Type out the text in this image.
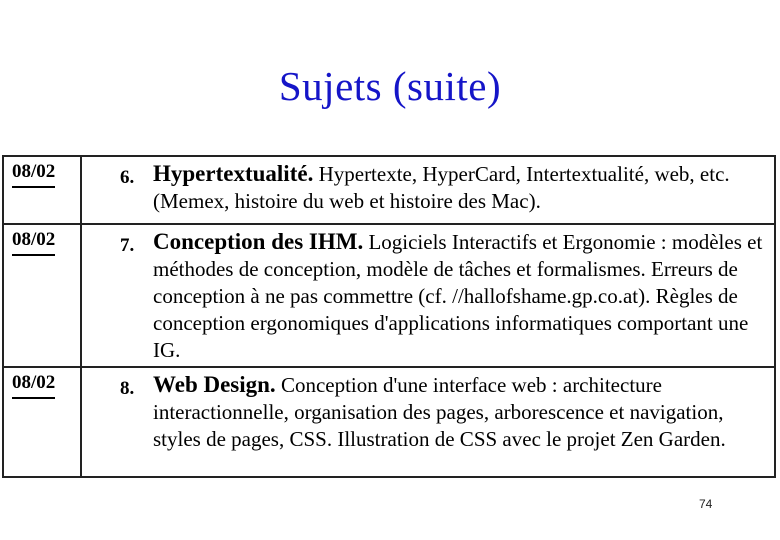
Sujets (suite)
08/02	6. Hypertextualité. Hypertexte, HyperCard, Intertextualité, web, etc. (Memex, histoire du web et histoire des Mac).

08/02	7. Conception des IHM. Logiciels Interactifs et Ergonomie : modèles et méthodes de conception, modèle de tâches et formalismes. Erreurs de conception à ne pas commettre (cf. //hallofshame.gp.co.at). Règles de conception ergonomiques d'applications informatiques comportant une IG.

08/02	8. Web Design. Conception d'une interface web : architecture interactionnelle, organisation des pages, arborescence et navigation, styles de pages, CSS. Illustration de CSS avec le projet Zen Garden.
74
